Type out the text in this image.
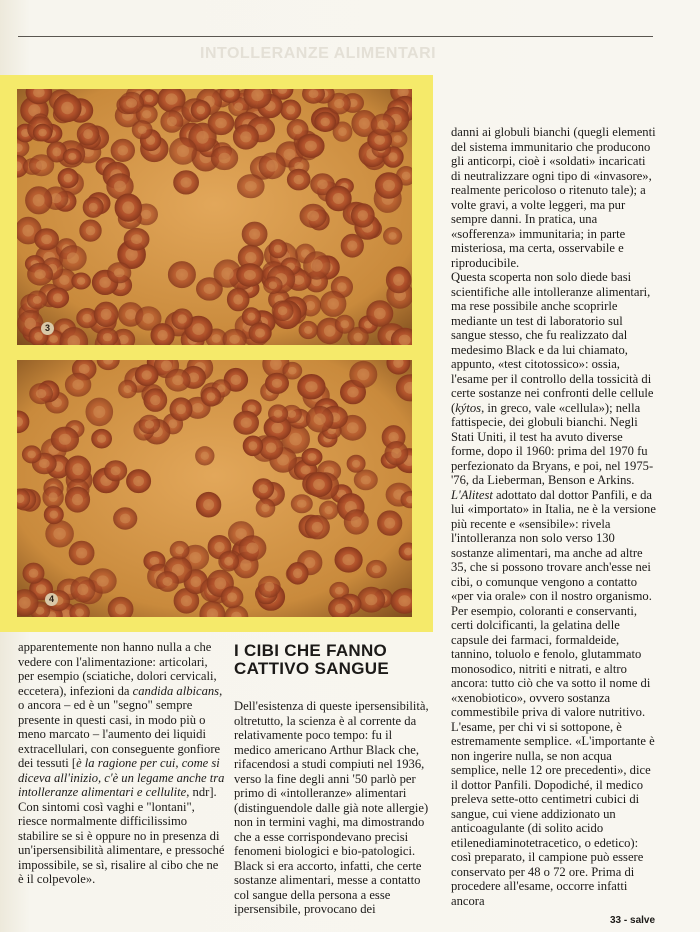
INTOLLERANZE ALIMENTARI
3
4

apparentemente non hanno nulla a che vedere con l'alimentazione: articolari, per esempio (sciatiche, dolori cervicali, eccetera), infezioni da candida albicans, o ancora – ed è un "segno" sempre presente in questi casi, in modo più o meno marcato – l'aumento dei liquidi extracellulari, con conseguente gonfiore dei tessuti [è la ragione per cui, come si diceva all'inizio, c'è un legame anche tra intolleranze alimentari e cellulite, ndr]. Con sintomi così vaghi e "lontani", riesce normalmente difficilissimo stabilire se si è oppure no in presenza di un'ipersensibilità alimentare, e pressoché impossibile, se sì, risalire al cibo che ne è il colpevole».

I CIBI CHE FANNO
CATTIVO SANGUE

Dell'esistenza di queste ipersensibilità, oltretutto, la scienza è al corrente da relativamente poco tempo: fu il medico americano Arthur Black che, rifacendosi a studi compiuti nel 1936, verso la fine degli anni '50 parlò per primo di «intolleranze» alimentari (distinguendole dalle già note allergie) non in termini vaghi, ma dimostrando che a esse corrispondevano precisi fenomeni biologici e bio-patologici. Black si era accorto, infatti, che certe sostanze alimentari, messe a contatto col sangue della persona a esse ipersensibile, provocano dei

danni ai globuli bianchi (quegli elementi del sistema immunitario che producono gli anticorpi, cioè i «soldati» incaricati di neutralizzare ogni tipo di «invasore», realmente pericoloso o ritenuto tale); a volte gravi, a volte leggeri, ma pur sempre danni. In pratica, una «sofferenza» immunitaria; in parte misteriosa, ma certa, osservabile e riproducibile.

Questa scoperta non solo diede basi scientifiche alle intolleranze alimentari, ma rese possibile anche scoprirle mediante un test di laboratorio sul sangue stesso, che fu realizzato dal medesimo Black e da lui chiamato, appunto, «test citotossico»: ossia, l'esame per il controllo della tossicità di certe sostanze nei confronti delle cellule (kýtos, in greco, vale «cellula»); nella fattispecie, dei globuli bianchi. Negli Stati Uniti, il test ha avuto diverse forme, dopo il 1960: prima del 1970 fu perfezionato da Bryans, e poi, nel 1975-'76, da Lieberman, Benson e Arkins.

L'Alitest adottato dal dottor Panfili, e da lui «importato» in Italia, ne è la versione più recente e «sensibile»: rivela l'intolleranza non solo verso 130 sostanze alimentari, ma anche ad altre 35, che si possono trovare anch'esse nei cibi, o comunque vengono a contatto «per via orale» con il nostro organismo. Per esempio, coloranti e conservanti, certi dolcificanti, la gelatina delle capsule dei farmaci, formaldeide, tannino, toluolo e fenolo, glutammato monosodico, nitriti e nitrati, e altro ancora: tutto ciò che va sotto il nome di «xenobiotico», ovvero sostanza commestibile priva di valore nutritivo.

L'esame, per chi vi si sottopone, è estremamente semplice. «L'importante è non ingerire nulla, se non acqua semplice, nelle 12 ore precedenti», dice il dottor Panfili. Dopodiché, il medico preleva sette-otto centimetri cubici di sangue, cui viene addizionato un anticoagulante (di solito acido etilenediaminotetracetico, o edetico): così preparato, il campione può essere conservato per 48 o 72 ore. Prima di procedere all'esame, occorre infatti ancora

33 - salve
